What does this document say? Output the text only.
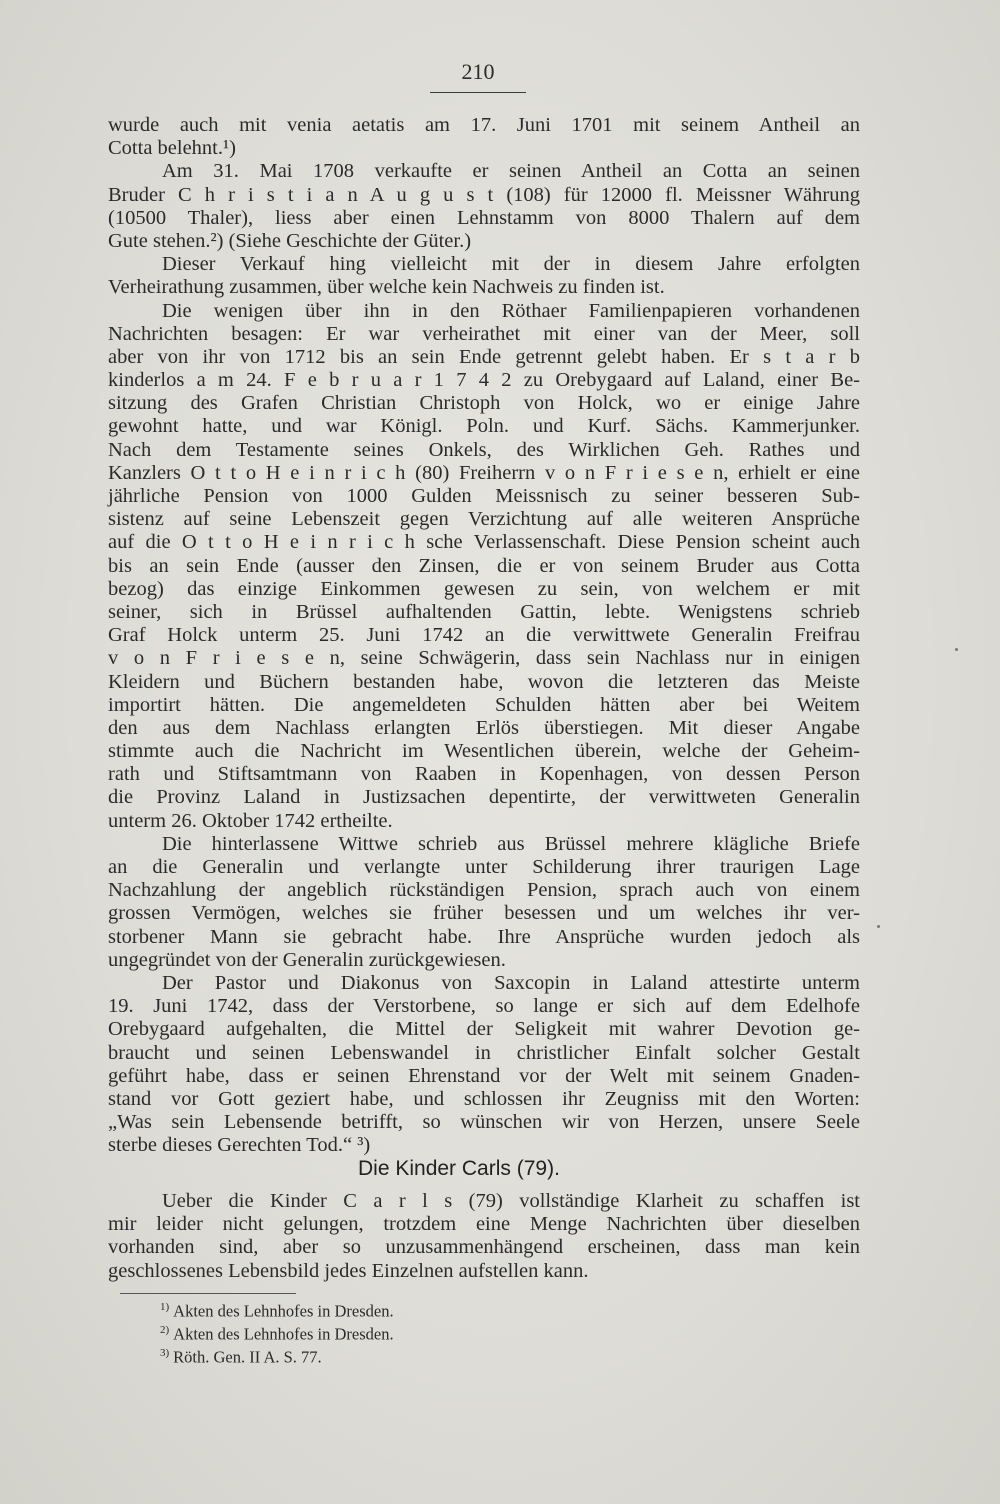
210
wurde auch mit venia aetatis am 17. Juni 1701 mit seinem Antheil an
Cotta belehnt.¹)
Am 31. Mai 1708 verkaufte er seinen Antheil an Cotta an seinen
Bruder C h r i s t i a n A u g u s t (108) für 12000 fl. Meissner Währung
(10500 Thaler), liess aber einen Lehnstamm von 8000 Thalern auf dem
Gute stehen.²) (Siehe Geschichte der Güter.)
Dieser Verkauf hing vielleicht mit der in diesem Jahre erfolgten
Verheirathung zusammen, über welche kein Nachweis zu finden ist.
Die wenigen über ihn in den Röthaer Familienpapieren vorhandenen
Nachrichten besagen: Er war verheirathet mit einer van der Meer, soll
aber von ihr von 1712 bis an sein Ende getrennt gelebt haben. Er s t a r b
kinderlos a m 24. F e b r u a r 1 7 4 2 zu Orebygaard auf Laland, einer Be-
sitzung des Grafen Christian Christoph von Holck, wo er einige Jahre
gewohnt hatte, und war Königl. Poln. und Kurf. Sächs. Kammerjunker.
Nach dem Testamente seines Onkels, des Wirklichen Geh. Rathes und
Kanzlers O t t o H e i n r i c h (80) Freiherrn v o n F r i e s e n, erhielt er eine
jährliche Pension von 1000 Gulden Meissnisch zu seiner besseren Sub-
sistenz auf seine Lebenszeit gegen Verzichtung auf alle weiteren Ansprüche
auf die O t t o H e i n r i c h sche Verlassenschaft. Diese Pension scheint auch
bis an sein Ende (ausser den Zinsen, die er von seinem Bruder aus Cotta
bezog) das einzige Einkommen gewesen zu sein, von welchem er mit
seiner, sich in Brüssel aufhaltenden Gattin, lebte. Wenigstens schrieb
Graf Holck unterm 25. Juni 1742 an die verwittwete Generalin Freifrau
v o n F r i e s e n, seine Schwägerin, dass sein Nachlass nur in einigen
Kleidern und Büchern bestanden habe, wovon die letzteren das Meiste
importirt hätten. Die angemeldeten Schulden hätten aber bei Weitem
den aus dem Nachlass erlangten Erlös überstiegen. Mit dieser Angabe
stimmte auch die Nachricht im Wesentlichen überein, welche der Geheim-
rath und Stiftsamtmann von Raaben in Kopenhagen, von dessen Person
die Provinz Laland in Justizsachen depentirte, der verwittweten Generalin
unterm 26. Oktober 1742 ertheilte.
Die hinterlassene Wittwe schrieb aus Brüssel mehrere klägliche Briefe
an die Generalin und verlangte unter Schilderung ihrer traurigen Lage
Nachzahlung der angeblich rückständigen Pension, sprach auch von einem
grossen Vermögen, welches sie früher besessen und um welches ihr ver-
storbener Mann sie gebracht habe. Ihre Ansprüche wurden jedoch als
ungegründet von der Generalin zurückgewiesen.
Der Pastor und Diakonus von Saxcopin in Laland attestirte unterm
19. Juni 1742, dass der Verstorbene, so lange er sich auf dem Edelhofe
Orebygaard aufgehalten, die Mittel der Seligkeit mit wahrer Devotion ge-
braucht und seinen Lebenswandel in christlicher Einfalt solcher Gestalt
geführt habe, dass er seinen Ehrenstand vor der Welt mit seinem Gnaden-
stand vor Gott geziert habe, und schlossen ihr Zeugniss mit den Worten:
„Was sein Lebensende betrifft, so wünschen wir von Herzen, unsere Seele
sterbe dieses Gerechten Tod.“ ³)
Die Kinder Carls (79).
Ueber die Kinder C a r l s (79) vollständige Klarheit zu schaffen ist
mir leider nicht gelungen, trotzdem eine Menge Nachrichten über dieselben
vorhanden sind, aber so unzusammenhängend erscheinen, dass man kein
geschlossenes Lebensbild jedes Einzelnen aufstellen kann.
$^{1)}$ Akten des Lehnhofes in Dresden.
$^{2)}$ Akten des Lehnhofes in Dresden.
$^{3)}$ Röth. Gen. II A. S. 77.
